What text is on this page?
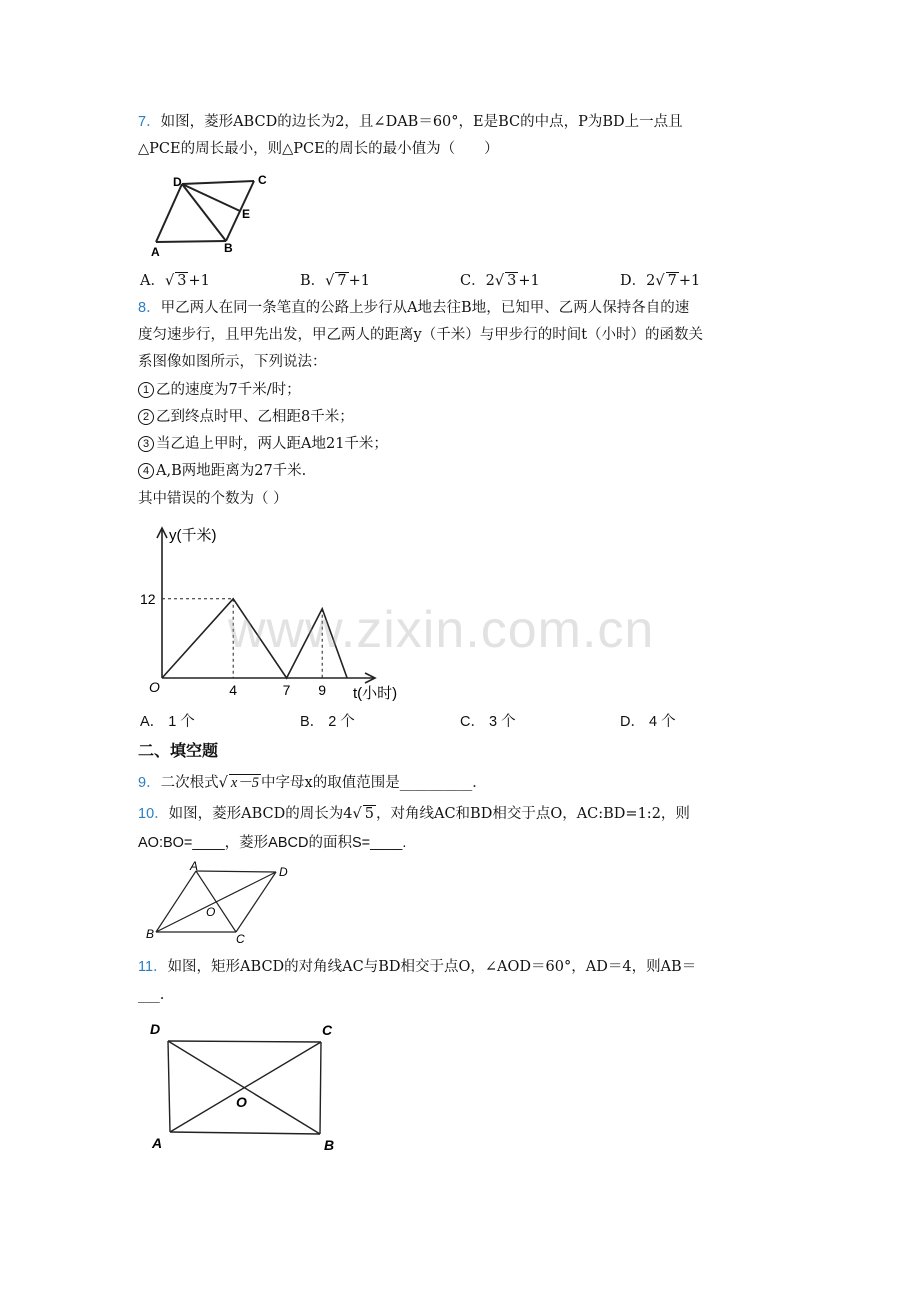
7．如图，菱形ABCD的边长为2，且∠DAB＝60°，E是BC的中点，P为BD上一点且
△PCE的周长最小，则△PCE的周长的最小值为（　　）
D	C
E
A	B
A．√ 3 +1	B．√ 7 +1	C．2√ 3 +1	D．2√ 7 +1
8．甲乙两人在同一条笔直的公路上步行从A地去往B地，已知甲、乙两人保持各自的速
度匀速步行，且甲先出发，甲乙两人的距离y（千米）与甲步行的时间t（小时）的函数关
系图像如图所示，下列说法：
1 乙的速度为7千米/时；
2 乙到终点时甲、乙相距8千米；
3 当乙追上甲时，两人距A地21千米；
4 A,B两地距离为27千米.
其中错误的个数为（ ）
4	7 9
12
y(千米)
t(小时)
O
www.zixin.com.cn
A． 1 个	B． 2 个	C． 3 个	D． 4 个
二、填空题
9．二次根式√ x－5 中字母x的取值范围是__________．
10．如图，菱形ABCD的周长为4√ 5 ，对角线AC和BD相交于点O，AC:BD=1:2，则
AO:BO=____，菱形ABCD的面积S=____.
A	D
O
B	C
11．如图，矩形ABCD的对角线AC与BD相交于点O，∠AOD＝60°，AD＝4，则AB＝
___.
D	C
O
A	B
